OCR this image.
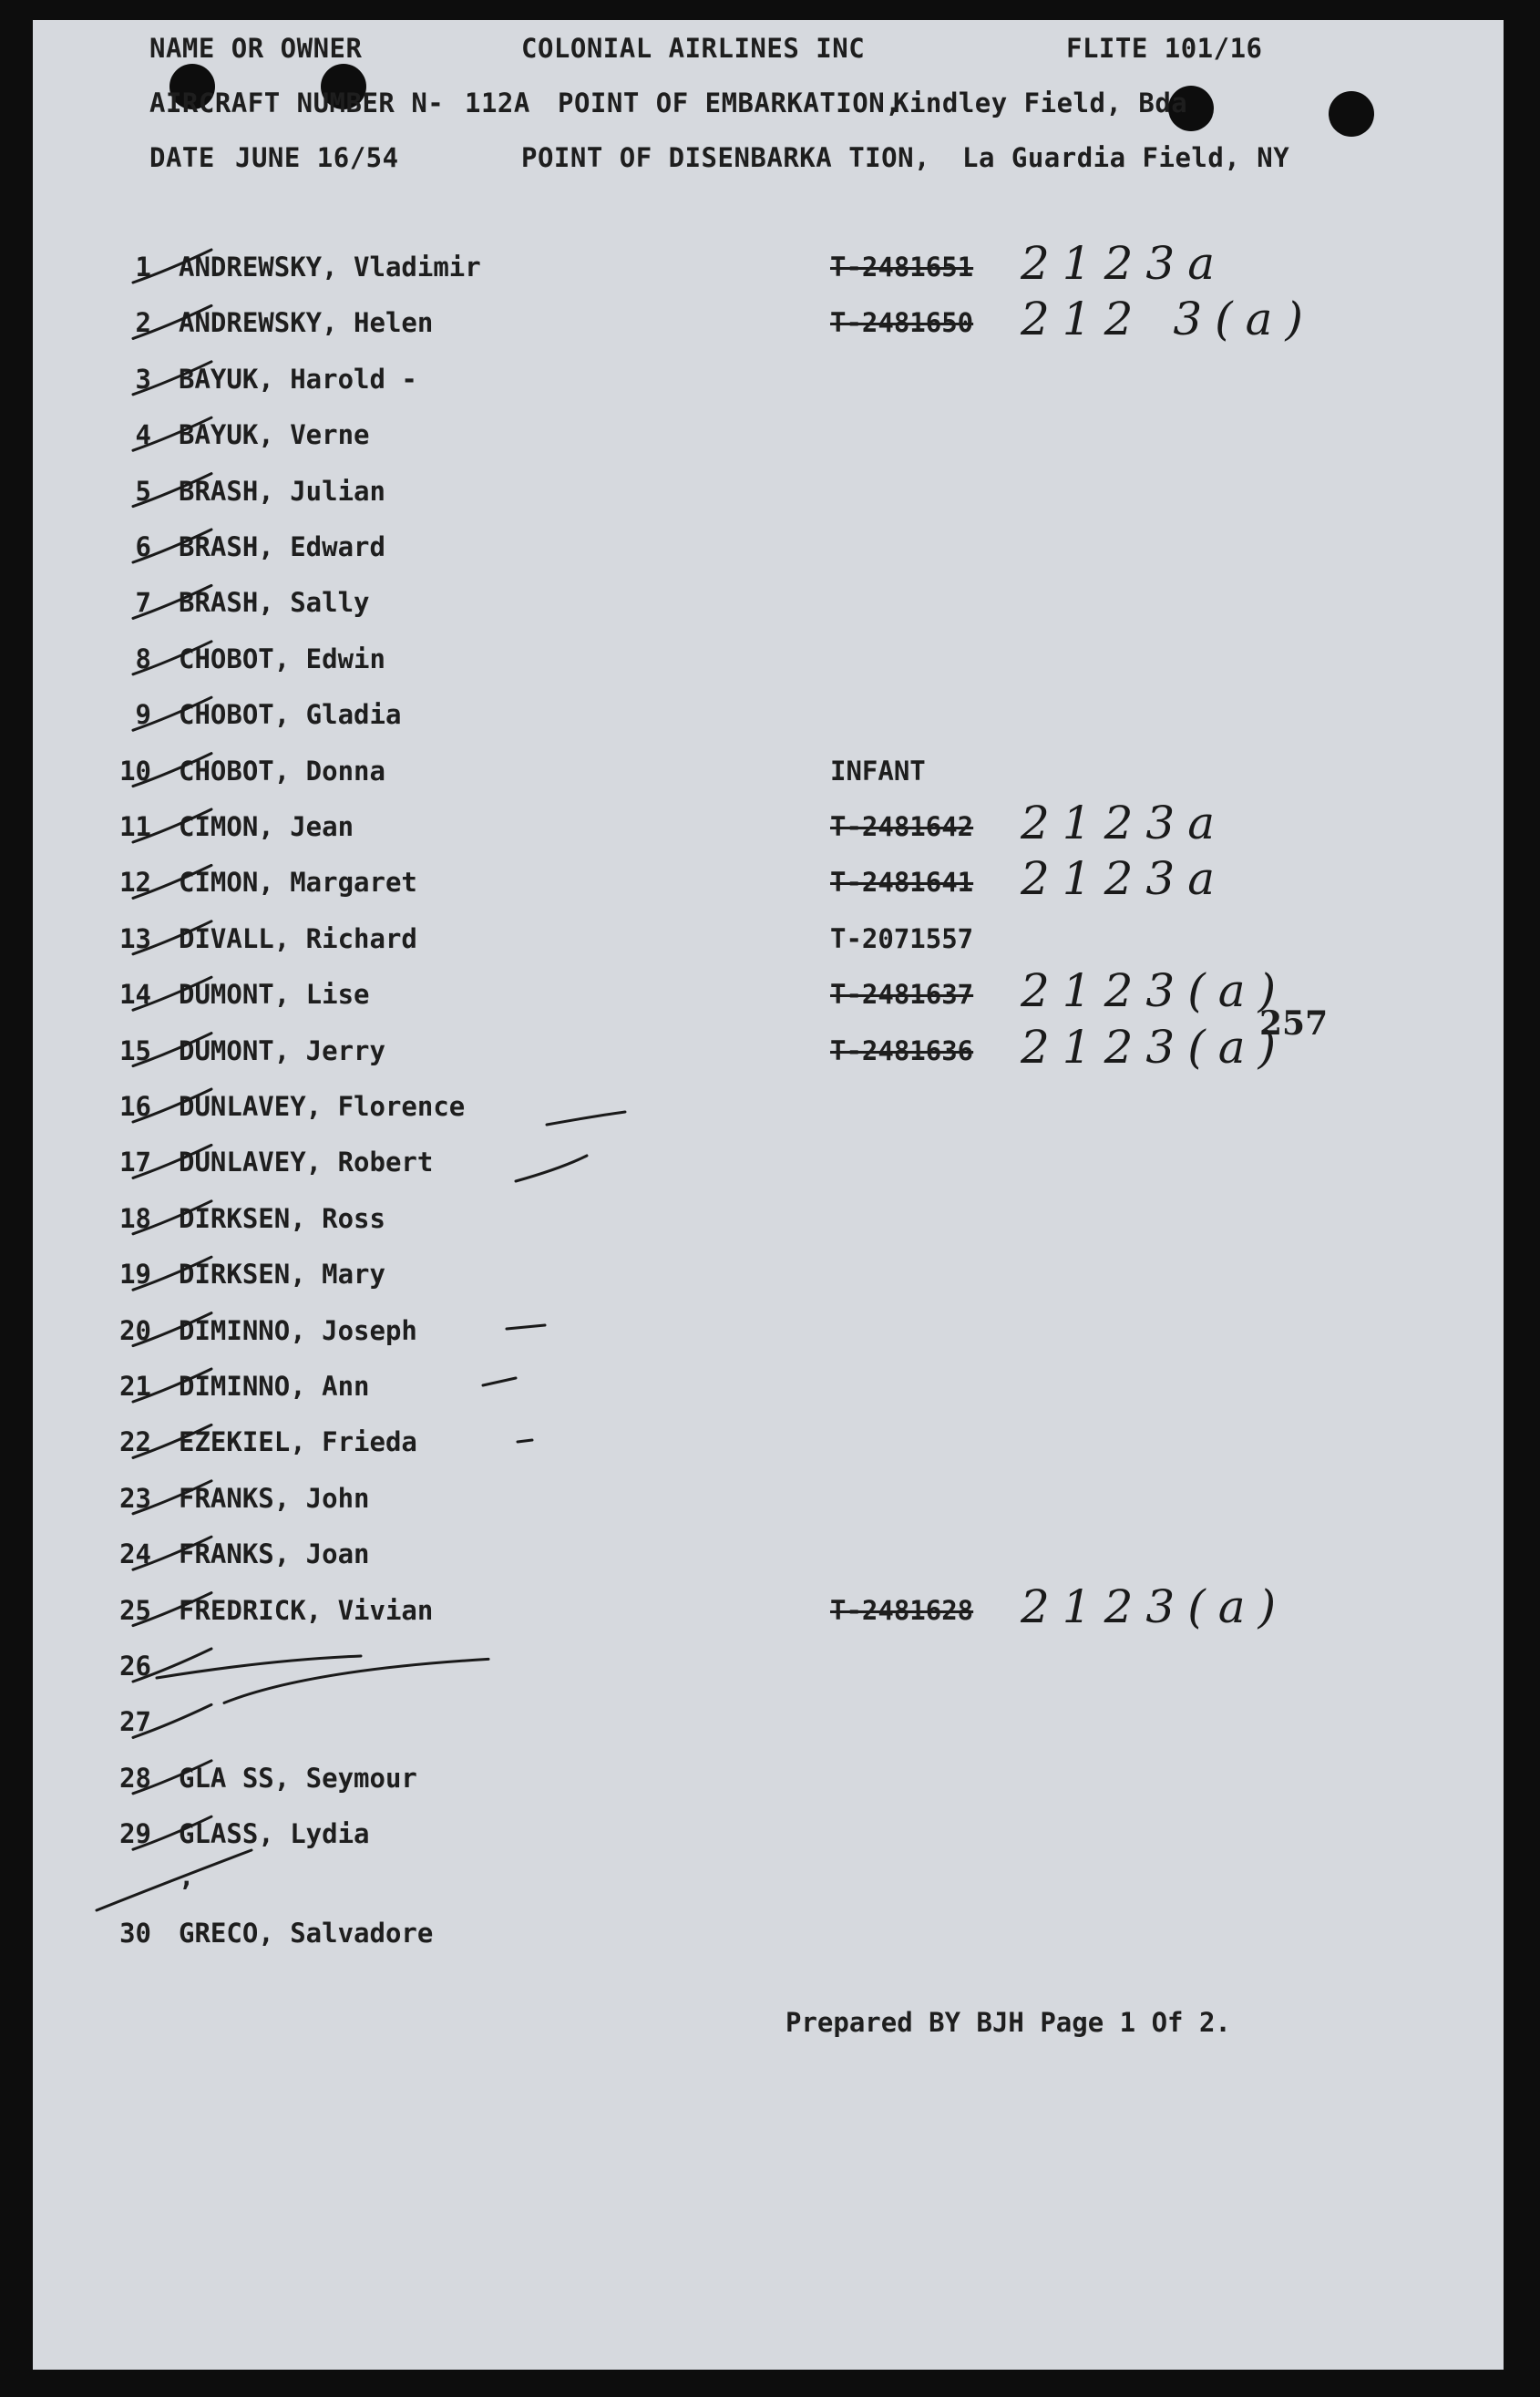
NAME OR OWNER	COLONIAL AIRLINES INC	FLITE 101/16
AIRCRAFT NUMBER N- 112A POINT OF EMBARKATION,
Kindley Field, Bda
DATE JUNE 16/54	POINT OF DISENBARKA TION, La Guardia Field, NY
1 ANDREWSKY, Vladimir	T-2481651 2123a
2 ANDREWSKY, Helen	T-2481650 212 3(a)
3 BAYUK, Harold -
4 BAYUK, Verne
5 BRASH, Julian
6 BRASH, Edward
7 BRASH, Sally
8 CHOBOT, Edwin
9 CHOBOT, Gladia
10 CHOBOT, Donna	INFANT
11 CIMON, Jean	T-2481642 2123a
12 CIMON, Margaret	T-2481641 2123a
13 DIVALL, Richard	T-2071557
14 DUMONT, Lise	T-2481637 2123(a)
15 DUMONT, Jerry	T-2481636 2123(a)
16 DUNLAVEY, Florence
17 DUNLAVEY, Robert
18 DIRKSEN, Ross
19 DIRKSEN, Mary
20 DIMINNO, Joseph
21 DIMINNO, Ann
22 EZEKIEL, Frieda
23 FRANKS, John
24 FRANKS, Joan
25 FREDRICK, Vivian	T-2481628 2123(a)
26
27
28 GLA SS, Seymour
29 GLASS, Lydia
,
30 GRECO, Salvadore
257
Prepared BY BJH Page 1 Of 2.
